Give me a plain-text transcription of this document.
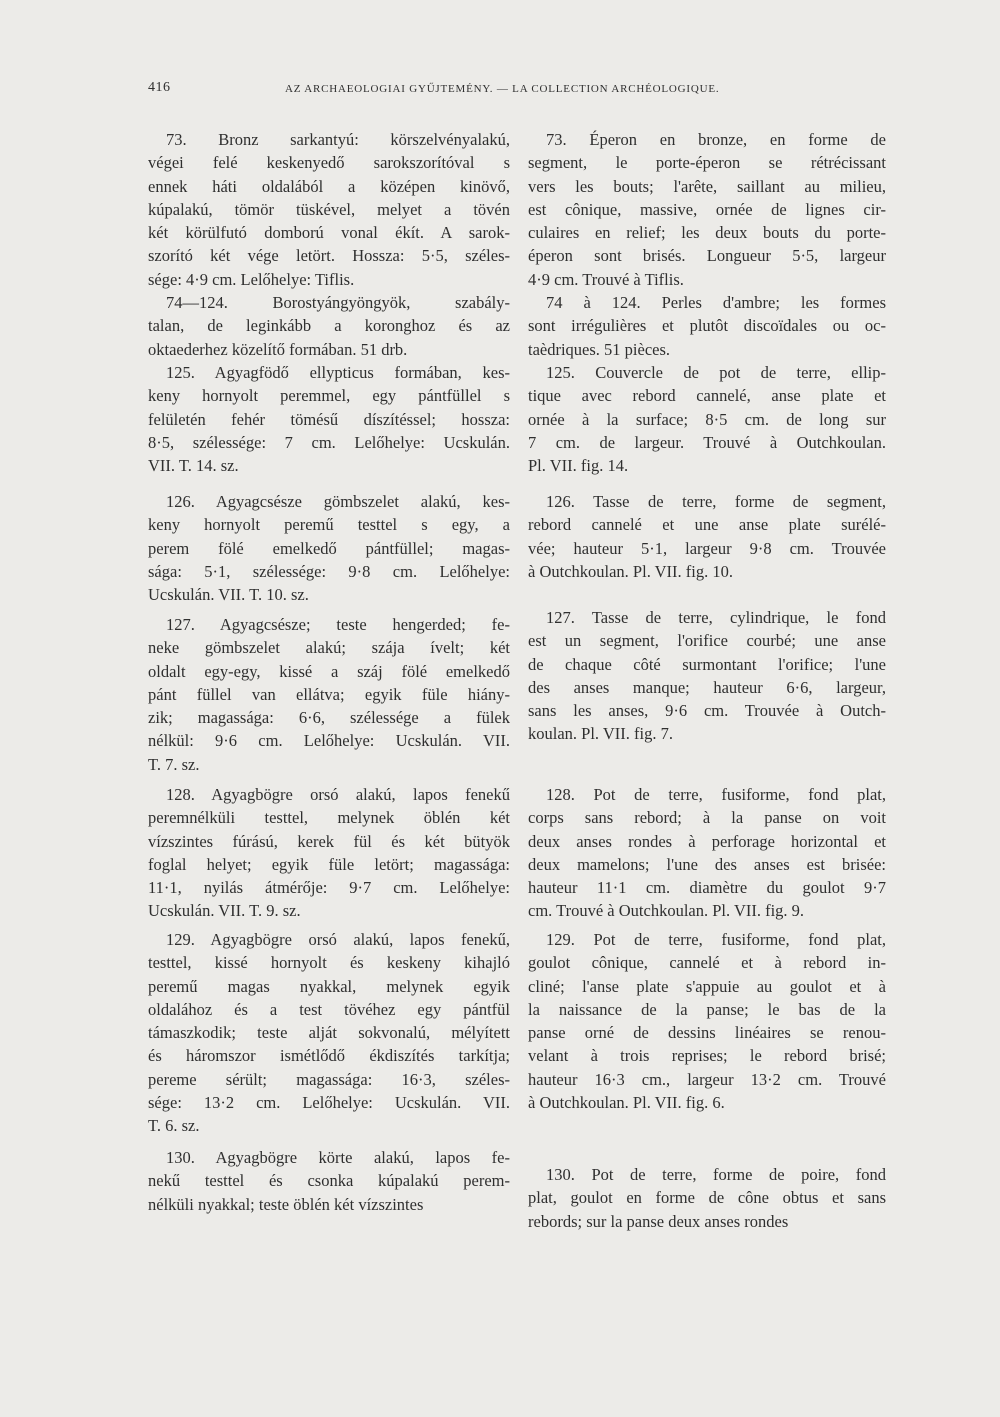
416	AZ ARCHAEOLOGIAI GYŰJTEMÉNY. — LA COLLECTION ARCHÉOLOGIQUE.
73. Bronz sarkantyú: körszelvényalakú,
végei felé keskenyedő sarokszorítóval s
ennek háti oldalából a középen kinövő,
kúpalakú, tömör tüskével, melyet a tövén
két körülfutó domború vonal ékít. A sarok-
szorító két vége letört. Hossza: 5·5, széles-
sége: 4·9 cm. Lelőhelye: Tiflis.
74—124. Borostyángyöngyök, szabály-
talan, de leginkább a koronghoz és az
oktaederhez közelítő formában. 51 drb.
125. Agyagfödő ellypticus formában, kes-
keny hornyolt peremmel, egy pántfüllel s
felületén fehér tömésű díszítéssel; hossza:
8·5, szélessége: 7 cm. Lelőhelye: Ucskulán.
VII. T. 14. sz.
126. Agyagcsésze gömbszelet alakú, kes-
keny hornyolt peremű testtel s egy, a
perem fölé emelkedő pántfüllel; magas-
sága: 5·1, szélessége: 9·8 cm. Lelőhelye:
Ucskulán. VII. T. 10. sz.
127. Agyagcsésze; teste hengerded; fe-
neke gömbszelet alakú; szája ívelt; két
oldalt egy-egy, kissé a száj fölé emelkedő
pánt füllel van ellátva; egyik füle hiány-
zik; magassága: 6·6, szélessége a fülek
nélkül: 9·6 cm. Lelőhelye: Ucskulán. VII.
T. 7. sz.
128. Agyagbögre orsó alakú, lapos fenekű
peremnélküli testtel, melynek öblén két
vízszintes fúrású, kerek fül és két bütyök
foglal helyet; egyik füle letört; magassága:
11·1, nyilás átmérője: 9·7 cm. Lelőhelye:
Ucskulán. VII. T. 9. sz.
129. Agyagbögre orsó alakú, lapos fenekű,
testtel, kissé hornyolt és keskeny kihajló
peremű magas nyakkal, melynek egyik
oldalához és a test tövéhez egy pántfül
támaszkodik; teste alját sokvonalú, mélyített
és háromszor ismétlődő ékdiszítés tarkítja;
pereme sérült; magassága: 16·3, széles-
sége: 13·2 cm. Lelőhelye: Ucskulán. VII.
T. 6. sz.
130. Agyagbögre körte alakú, lapos fe-
nekű testtel és csonka kúpalakú perem-
nélküli nyakkal; teste öblén két vízszintes
73. Éperon en bronze, en forme de
segment, le porte-éperon se rétrécissant
vers les bouts; l'arête, saillant au milieu,
est cônique, massive, ornée de lignes cir-
culaires en relief; les deux bouts du porte-
éperon sont brisés. Longueur 5·5, largeur
4·9 cm. Trouvé à Tiflis.
74 à 124. Perles d'ambre; les formes
sont irrégulières et plutôt discoïdales ou oc-
taèdriques. 51 pièces.
125. Couvercle de pot de terre, ellip-
tique avec rebord cannelé, anse plate et
ornée à la surface; 8·5 cm. de long sur
7 cm. de largeur. Trouvé à Outchkoulan.
Pl. VII. fig. 14.
126. Tasse de terre, forme de segment,
rebord cannelé et une anse plate surélé-
vée; hauteur 5·1, largeur 9·8 cm. Trouvée
à Outchkoulan. Pl. VII. fig. 10.
127. Tasse de terre, cylindrique, le fond
est un segment, l'orifice courbé; une anse
de chaque côté surmontant l'orifice; l'une
des anses manque; hauteur 6·6, largeur,
sans les anses, 9·6 cm. Trouvée à Outch-
koulan. Pl. VII. fig. 7.
128. Pot de terre, fusiforme, fond plat,
corps sans rebord; à la panse on voit
deux anses rondes à perforage horizontal et
deux mamelons; l'une des anses est brisée:
hauteur 11·1 cm. diamètre du goulot 9·7
cm. Trouvé à Outchkoulan. Pl. VII. fig. 9.
129. Pot de terre, fusiforme, fond plat,
goulot cônique, cannelé et à rebord in-
cliné; l'anse plate s'appuie au goulot et à
la naissance de la panse; le bas de la
panse orné de dessins linéaires se renou-
velant à trois reprises; le rebord brisé;
hauteur 16·3 cm., largeur 13·2 cm. Trouvé
à Outchkoulan. Pl. VII. fig. 6.
130. Pot de terre, forme de poire, fond
plat, goulot en forme de cône obtus et sans
rebords; sur la panse deux anses rondes
